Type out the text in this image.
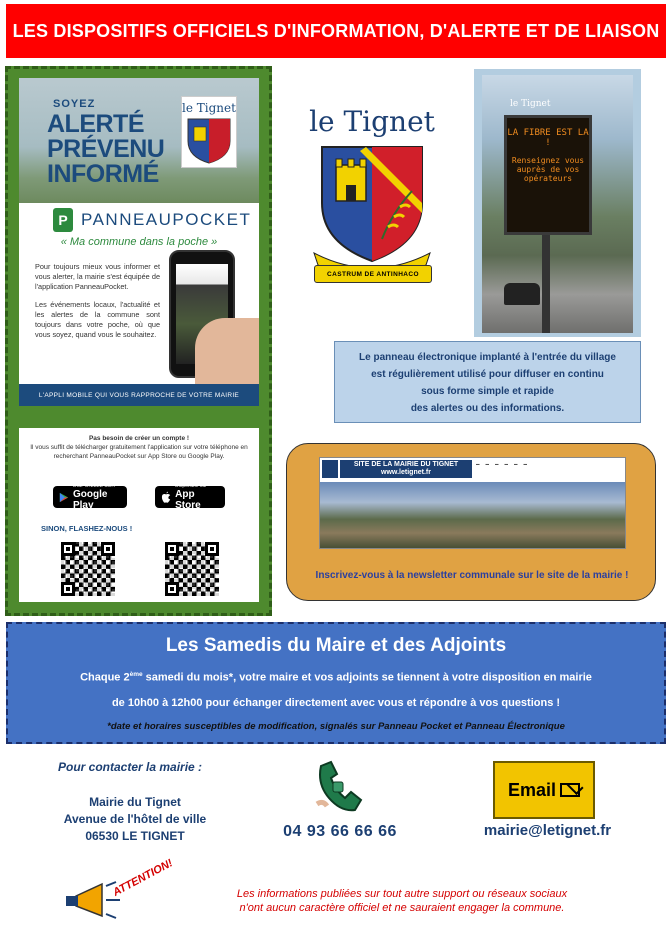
LES DISPOSITIFS OFFICIELS D'INFORMATION, D'ALERTE ET DE LIAISON
SOYEZ
ALERTÉ
PRÉVENU
INFORMÉ
le Tignet
P PANNEAUPOCKET
« Ma commune dans la poche »

Pour toujours mieux vous informer et vous alerter, la mairie s'est équipée de l'application PanneauPocket.

Les événements locaux, l'actualité et les alertes de la commune sont toujours dans votre poche, où que vous soyez, quand vous le souhaitez.

L'APPLI MOBILE QUI VOUS RAPPROCHE DE VOTRE MAIRIE
Pas besoin de créer un compte !
Il vous suffit de télécharger gratuitement l'application sur votre téléphone en recherchant PanneauPocket sur App Store ou Google Play.
DISPONIBLE SUR
Google Play
Disponible sur
App Store
SINON, FLASHEZ-NOUS !
le Tignet
CASTRUM DE ANTINHACO
le Tignet
LA FIBRE EST LA !
Renseignez vous auprès de vos opérateurs
Le panneau électronique implanté à l'entrée du village
est régulièrement utilisé pour diffuser en continu
sous forme simple et rapide
des alertes ou des informations.
SITE DE LA MAIRIE DU TIGNET
www.letignet.fr
▬ ▬ ▬ ▬ ▬ ▬
Inscrivez-vous à la newsletter communale sur le site de la mairie !
Les Samedis du Maire et des Adjoints
Chaque 2ème samedi du mois*, votre maire et vos adjoints se tiennent à votre disposition en mairie
de 10h00 à 12h00 pour échanger directement avec vous et répondre à vos questions !
*date et horaires susceptibles de modification, signalés sur Panneau Pocket et Panneau Électronique
Pour contacter la mairie :
Mairie du Tignet
Avenue de l'hôtel de ville
06530 LE TIGNET	04 93 66 66 66
Email
mairie@letignet.fr
ATTENTION!	Les informations publiées sur tout autre support ou réseaux sociaux
n'ont aucun caractère officiel et ne sauraient engager la commune.
